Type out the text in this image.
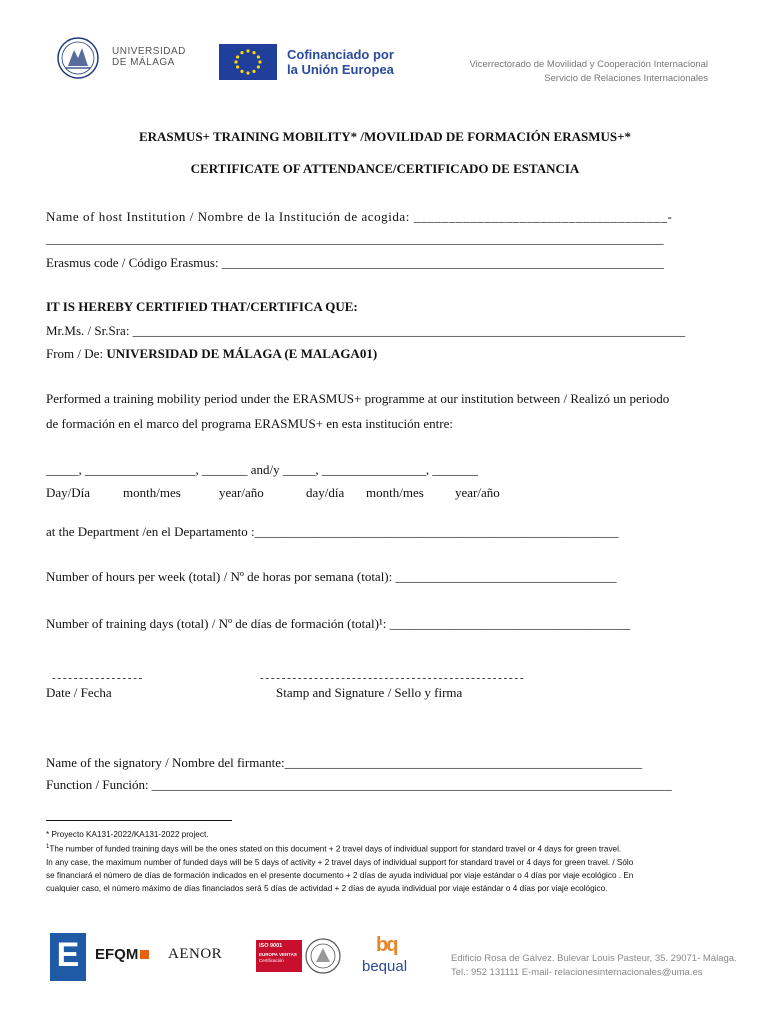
UNIVERSIDAD
DE MÁLAGA
Cofinanciado por
la Unión Europea	Vicerrectorado de Movilidad y Cooperación Internacional
Servicio de Relaciones Internacionales
ERASMUS+ TRAINING MOBILITY* /MOVILIDAD DE FORMACIÓN ERASMUS+*
CERTIFICATE OF ATTENDANCE/CERTIFICADO DE ESTANCIA
Name of host Institution / Nombre de la Institución de acogida: ____________________________________-
_______________________________________________________________________________________________
Erasmus code / Código Erasmus: ____________________________________________________________________
IT IS HEREBY CERTIFIED THAT/CERTIFICA QUE:
Mr.Ms. / Sr.Sra: _____________________________________________________________________________________
From / De: UNIVERSIDAD DE MÁLAGA (E MALAGA01)
Performed a training mobility period under the ERASMUS+ programme at our institution between / Realizó un periodo
de formación en el marco del programa ERASMUS+ en esta institución entre:
_____, _________________, _______ and/y _____, ________________, _______
Day/Día	month/mes	year/año	day/día month/mes year/año
at the Department /en el Departamento :________________________________________________________
Number of hours per week (total) / Nº de horas por semana (total): __________________________________
Number of training days (total) / Nº de días de formación (total)¹: _____________________________________
- - - - - - - - - - - - - - - - -	- - - - - - - - - - - - - - - - - - - - - - - - - - - - - - - - - - - - - - - - - - - - - - - - -
Date / Fecha	Stamp and Signature / Sello y firma
Name of the signatory / Nombre del firmante:_______________________________________________________
Function / Función: ________________________________________________________________________________
* Proyecto KA131-2022/KA131-2022 project.
$^1$The number of funded training days will be the ones stated on this document + 2 travel days of individual support for standard travel or 4 days for green travel.
In any case, the maximum number of funded days will be 5 days of activity + 2 travel days of individual support for standard travel or 4 days for green travel. / Sólo
se financiará el número de días de formación indicados en el presente documento + 2 días de ayuda individual por viaje estándar o 4 días por viaje ecológico . En
cualquier caso, el número máximo de días financiados será 5 días de actividad + 2 días de ayuda individual por viaje estándar o 4 días por viaje ecológico.
E	EFQM	AENOR	ISO 9001
EUROPA VENTAS
Certificación
bq
bequal	Edificio Rosa de Gálvez. Bulevar Louis Pasteur, 35. 29071- Málaga.
Tel.: 952 131111 E-mail- relacionesinternacionales@uma.es
